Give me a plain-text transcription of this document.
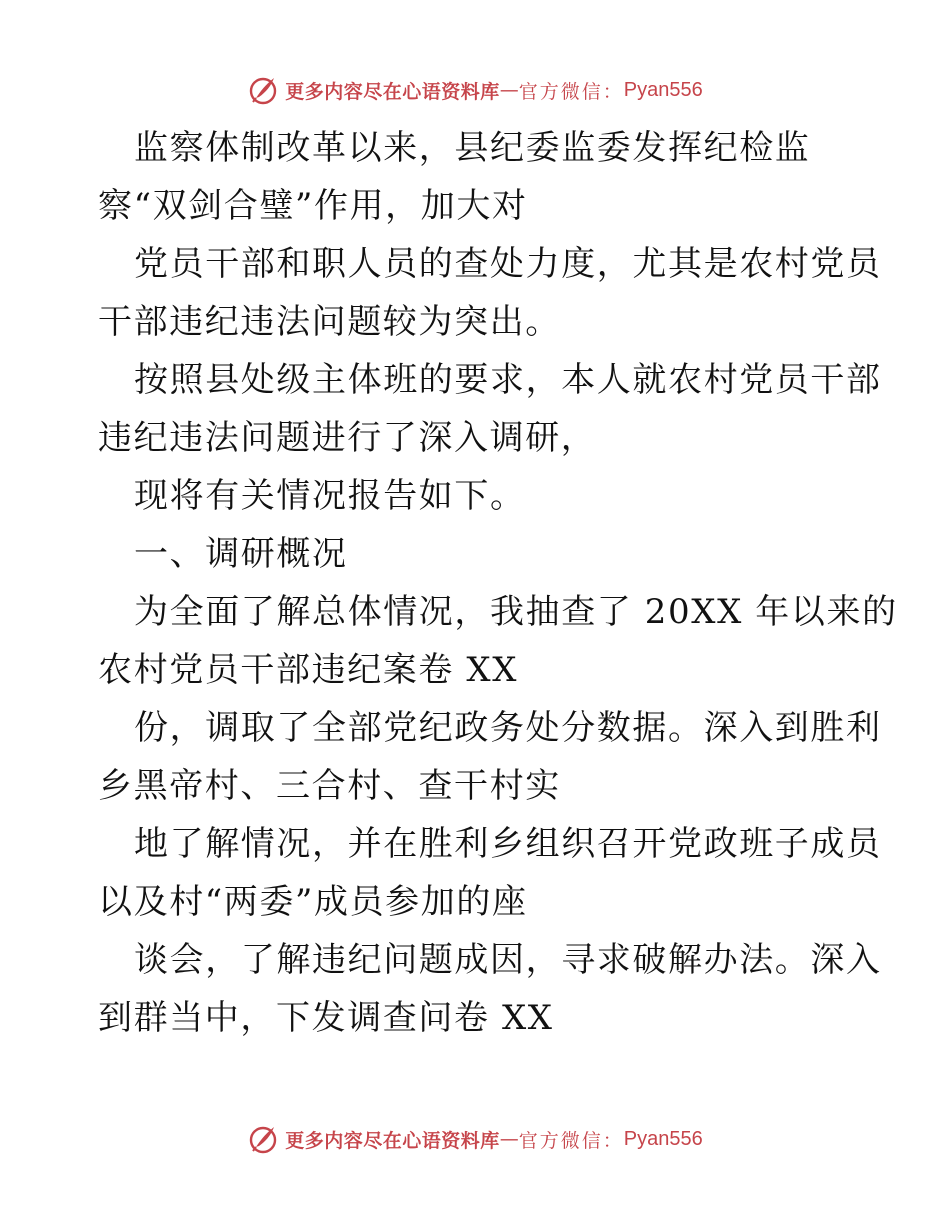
更多内容尽在心语资料库 — 官方微信： Pyan556
监察体制改革以来，县纪委监委发挥纪检监
察“双剑合璧”作用，加大对
党员干部和职人员的查处力度，尤其是农村党员
干部违纪违法问题较为突出。
按照县处级主体班的要求，本人就农村党员干部
违纪违法问题进行了深入调研，
现将有关情况报告如下。
一、调研概况
为全面了解总体情况，我抽查了 20XX 年以来的
农村党员干部违纪案卷 XX
份，调取了全部党纪政务处分数据。深入到胜利
乡黑帝村、三合村、查干村实
地了解情况，并在胜利乡组织召开党政班子成员
以及村“两委”成员参加的座
谈会，了解违纪问题成因，寻求破解办法。深入
到群当中，下发调查问卷 XX
更多内容尽在心语资料库 — 官方微信： Pyan556
